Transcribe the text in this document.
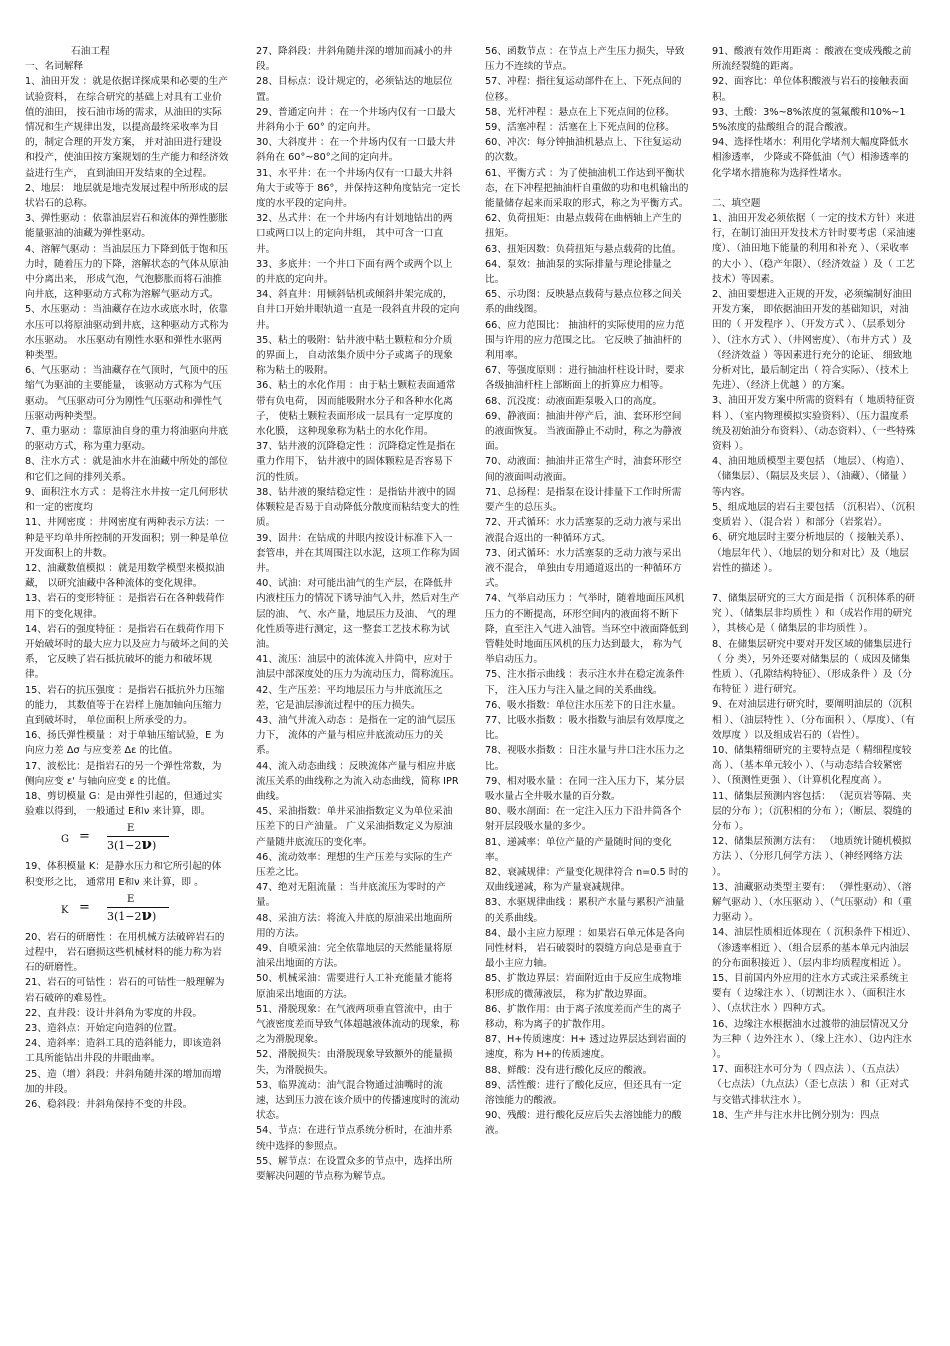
石油工程

一、名词解释

1、油田开发 ：就是依据详探成果和必要的生产试验资料， 在综合研究的基础上对具有工业价值的油田， 按石油市场的需求，从油田的实际情况和生产规律出发，以提高最终采收率为目的，制定合理的开发方案， 并对油田进行建设和投产，使油田按方案规划的生产能力和经济效益进行生产， 直到油田开发结束的全过程。

2、地层： 地层就是地壳发展过程中所形成的层状岩石的总称。

3、弹性驱动 ：依靠油层岩石和流体的弹性膨胀能量驱油的油藏为弹性驱动。

4、溶解气驱动 ：当油层压力下降到低于饱和压力时，随着压力的下降，溶解状态的气体从原油中分离出来， 形成气泡，气泡膨胀而将石油推向井底，这种驱动方式称为溶解气驱动方式。

5、水压驱动 ：当油藏存在边水或底水时，依靠水压可以将原油驱动到井底，这种驱动方式称为水压驱动。 水压驱动有刚性水驱和弹性水驱两种类型。

6、气压驱动 ：当油藏存在气顶时，气顶中的压缩气为驱油的主要能量， 该驱动方式称为气压驱动。 气压驱动可分为刚性气压驱动和弹性气压驱动两种类型。

7、重力驱动 ：靠原油自身的重力将油驱向井底的驱动方式，称为重力驱动。

8、注水方式 ：就是油水井在油藏中所处的部位和它们之间的排列关系。

9、面积注水方式 ：是将注水井按一定几何形状和一定的密度均

11、井网密度 ：井网密度有两种表示方法：一种是平均单井所控制的开发面积；别一种是单位开发面积上的井数。

12、油藏数值模拟 ：就是用数学模型来模拟油藏， 以研究油藏中各种流体的变化规律。

13、岩石的变形特征 ：是指岩石在各种载荷作用下的变化规律。

14、岩石的强度特征 ：是指岩石在载荷作用下开始破坏时的最大应力以及应力与破坏之间的关系， 它反映了岩石抵抗破坏的能力和破坏规律。

15、岩石的抗压强度 ：是指岩石抵抗外力压缩的能力， 其数值等于在岩样上施加轴向压缩力直到破坏时， 单位面积上所承受的力。

16、扬氏弹性模量 ：对于单轴压缩试验，E 为向应力差 Δσ 与应变差 Δε 的比值。

17、波松比：是指岩石的另一个弹性常数，为侧向应变 ε' 与轴向应变 ε 的比值。

18、剪切模量 G：是由弹性引起的，但通过实验难以得到， 一般通过 E和ν 来计算，即。

G =
E
3(1−2ν)

19、体积模量 K：是静水压力和它所引起的体积变形之比， 通常用 E和ν 来计算，即 。

K =
E
3(1−2ν)

20、岩石的研磨性 ：在用机械方法破碎岩石的过程中， 岩石磨损这些机械材料的能力称为岩石的研磨性。

21、岩石的可钻性 ：岩石的可钻性一般理解为岩石破碎的难易性。

22、直井段：设计井斜角为零度的井段。

23、造斜点：开始定向造斜的位置。

24、造斜率：造斜工具的造斜能力，即该造斜工具所能钻出井段的井眼曲率。

25、造（增）斜段：井斜角随井深的增加而增加的井段。

26、稳斜段：井斜角保持不变的井段。

27、降斜段：井斜角随井深的增加而减小的井段。

28、目标点：设计规定的，必须钻达的地层位置。

29、普通定向井 ：在一个井场内仅有一口最大井斜角小于 60° 的定向井。

30、大斜度井 ：在一个井场内仅有一口最大井斜角在 60°~80°之间的定向井。

31、水平井：在一个井场内仅有一口最大井斜角大于或等于 86°，并保持这种角度钻完一定长度的水平段的定向井。

32、丛式井：在一个井场内有计划地钻出的两口或两口以上的定向井组， 其中可含一口直井。

33、多底井：一个井口下面有两个或两个以上的井底的定向井。

34、斜直井：用倾斜钻机或倾斜井架完成的，自井口开始井眼轨道一直是一段斜直井段的定向井。

35、粘土的吸附：钻井液中粘土颗粒和分介质的界面上， 自动浓集介质中分子或离子的现象称为粘土的吸附。

36、粘土的水化作用 ：由于粘土颗粒表面通常带有负电荷， 因而能吸附水分子和各种水化离子， 使粘土颗粒表面形成一层具有一定厚度的水化膜， 这种现象称为粘土的水化作用。

37、钻井液的沉降稳定性 ：沉降稳定性是指在重力作用下， 钻井液中的固体颗粒是否容易下沉的性质。

38、钻井液的聚结稳定性 ：是指钻井液中的固体颗粒是否易于自动降低分散度而粘结变大的性质。

39、固井：在钻成的井眼内按设计标准下入一套管串，并在其周围注以水泥，这项工作称为固井。

40、试油：对可能出油气的生产层，在降低井内液柱压力的情况下诱导油气入井，然后对生产层的油、 气、水产量，地层压力及油、 气的理化性质等进行测定，这一整套工艺技术称为试油。

41、流压：油层中的流体流入井筒中，应对于油层中部深度处的压力为流动压力，简称流压。

42、生产压差：平均地层压力与井底流压之差，它是油层渗流过程中的压力损失。

43、油气井流入动态 ：是指在一定的油气层压力下， 流体的产量与相应井底流动压力的关系。

44、流入动态曲线 ：反映流体产量与相应井底流压关系的曲线称之为流入动态曲线，简称 IPR 曲线。

45、采油指数：单井采油指数定义为单位采油压差下的日产油量。 广义采油指数定义为原油产量随井底流压的变化率。

46、流动效率：理想的生产压差与实际的生产压差之比。

47、绝对无阻流量 ：当井底流压为零时的产量。

48、采油方法：将流入井底的原油采出地面所用的方法。

49、自喷采油：完全依靠地层的天然能量将原油采出地面的方法。

50、机械采油：需要进行人工补充能量才能将原油采出地面的方法。

51、滑脱现象：在气液两项垂直管流中，由于气液密度差而导致气体超越液体流动的现象，称之为滑脱现象。

52、滑脱损失：由滑脱现象导致额外的能量损失，为滑脱损失。

53、临界流动：油气混合物通过油嘴时的流速，达到压力波在该介质中的传播速度时的流动状态。

54、节点：在进行节点系统分析时，在油井系统中选择的参照点。

55、解节点：在设置众多的节点中，选择出所要解决问题的节点称为解节点。

56、函数节点 ：在节点上产生压力损失，导致压力不连续的节点。

57、冲程：指往复运动部件在上、下死点间的位移。

58、光杆冲程 ：悬点在上下死点间的位移。

59、活塞冲程 ：活塞在上下死点间的位移。

60、冲次：每分钟抽油机悬点上、下往复运动的次数。

61、平衡方式 ：为了使抽油机工作达到平衡状态，在下冲程把抽油杆自重做的功和电机输出的能量储存起来而采取的形式，称之为平衡方式。

62、负荷扭矩：由悬点载荷在曲柄轴上产生的扭矩。

63、扭矩因数：负荷扭矩与悬点载荷的比值。

64、泵效：抽油泵的实际排量与理论排量之比。

65、示功图：反映悬点载荷与悬点位移之间关系的曲线图。

66、应力范围比： 抽油杆的实际使用的应力范围与许用的应力范围之比。 它反映了抽油杆的利用率。

67、等强度原则 ：进行抽油杆柱设计时，要求各级抽油杆柱上部断面上的折算应力相等。

68、沉没度：动液面距泵吸入口的高度。

69、静液面：抽油井停产后，油、套环形空间的液面恢复。 当液面静止不动时，称之为静液面。

70、动液面：抽油井正常生产时，油套环形空间的液面叫动液面。

71、总扬程：是指泵在设计排量下工作时所需要产生的总压头。

72、开式循环：水力活塞泵的乏动力液与采出液混合返出的一种循环方式。

73、闭式循环：水力活塞泵的乏动力液与采出液不混合， 单独由专用通道返出的一种循环方式。

74、气举启动压力 ：气举时，随着地面压风机压力的不断提高，环形空间内的液面将不断下降，直至注入气进入油管。当环空中液面降低到管鞋处时地面压风机的压力达到最大， 称为气举启动压力。

75、注水指示曲线 ：表示注水井在稳定流条件下， 注入压力与注入量之间的关系曲线。

76、吸水指数：单位注水压差下的日注水量。

77、比吸水指数 ：吸水指数与油层有效厚度之比。

78、视吸水指数 ：日注水量与井口注水压力之比。

79、相对吸水量 ：在同一注入压力下，某分层吸水量占全井吸水量的百分数。

80、吸水剖面：在一定注入压力下沿井筒各个射开层段吸水量的多少。

81、递减率：单位产量的产量随时间的变化率。

82、衰减规律：产量变化规律符合 n=0.5 时的双曲线递减，称为产量衰减规律。

83、水驱规律曲线 ：累积产水量与累积产油量的关系曲线。

84、最小主应力原理 ：如果岩石单元体是各向同性材料， 岩石破裂时的裂缝方向总是垂直于最小主应力轴。

85、扩散边界层：岩面附近由于反应生成物堆积形成的微薄液层， 称为扩散边界面。

86、扩散作用：由于离子浓度差而产生的离子移动，称为离子的扩散作用。

87、H+传质速度：H+ 透过边界层达到岩面的速度，称为 H+的传质速度。

88、鲜酸：没有进行酸化反应的酸液。

89、活性酸：进行了酸化反应，但还具有一定溶蚀能力的酸液。

90、残酸：进行酸化反应后失去溶蚀能力的酸液。

91、酸液有效作用距离 ：酸液在变成残酸之前所流经裂缝的距离。

92、面容比：单位体积酸液与岩石的接触表面积。

93、土酸：3%~8%浓度的氢氟酸和10%~15%浓度的盐酸组合的混合酸液。

94、选择性堵水：利用化学堵剂大幅度降低水相渗透率， 少降或不降低油（气）相渗透率的化学堵水措施称为选择性堵水。

二、填空题

1、油田开发必须依据（ 一定的技术方针）来进行，在制订油田开发技术方针时要考虑（采油速度）、（油田地下能量的利用和补充 ）、（采收率的大小 ）、（稳产年限）、（经济效益 ）及（ 工艺技术）等因素。

2、油田要想进入正规的开发，必须编制好油田开发方案， 即依据油田开发的基础知识，对油田的（ 开发程序 ）、（开发方式 ）、（层系划分 ）、（注水方式 ）、（井网密度）、（布井方式 ）及（经济效益 ）等因素进行充分的论证、 细致地分析对比，最后制定出（ 符合实际）、（技术上先进）、（经济上优越 ）的方案。

3、油田开发方案中所需的资料有（ 地质特征资料 ）、（室内物理模拟实验资料）、（压力温度系统及初始油分布资料）、（动态资料）、（一些特殊资料 ）。

4、油田地质模型主要包括 （地层）、（构造）、（储集层）、（隔层及夹层 ）、（油藏）、（储量 ）等内容。

5、组成地层的岩石主要包括 （沉积岩）、（沉积变质岩 ）、（混合岩 ）和部分（岩浆岩）。

6、研究地层时主要分析地层的（ 接触关系）、（地层年代 ）、（地层的划分和对比）及（地层岩性的描述 ）。

7、储集层研究的三大方面是指（ 沉积体系的研究 ）、（储集层非均质性 ）和（成岩作用的研究 ），其核心是（ 储集层的非均质性 ）。

8、在储集层研究中要对开发区域的储集层进行（ 分 类），另外还要对储集层的（ 成因及储集性质 ）、（孔隙结构特征）、（形成条件 ）及（分布特征 ）进行研究。

9、在对油层进行研究时，要阐明油层的（沉积相 ）、（油层特性 ）、（分布面积 ）、（厚度）、（有效厚度 ）以及组成岩石的（岩性）。

10、储集精细研究的主要特点是（ 精细程度较高 ）、（基本单元较小 ）、（与动态结合较紧密 ）、（预测性更强 ）、（计算机化程度高 ）。

11、储集层预测内容包括： （泥页岩等隔、夹层的分布 ）；（沉积相的分布 ）；（断层、裂缝的分布 ）。

12、储集层预测方法有： （地质统计随机模拟方法 ）、（分形几何学方法 ）、（神经网络方法 ）。

13、油藏驱动类型主要有： （弹性驱动）、（溶解气驱动 ）、（水压驱动 ）、（气压驱动）和（重力驱动 ）。

14、油层性质相近体现在（ 沉积条件下相近）、（渗透率相近 ）、（组合层系的基本单元内油层的分布面积接近 ）、（层内非均质程度相近 ）。

15、目前国内外应用的注水方式或注采系统主要有（ 边缘注水 ）、（切割注水 ）、（面积注水 ）、（点状注水 ）四种方式。

16、边缘注水根据油水过渡带的油层情况又分为三种（ 边外注水 ）、（缘上注水）、（边内注水 ）。

17、面积注水可分为（ 四点法 ）、（五点法）（七点法）（九点法）（歪七点法 ）和（正对式与交错式排状注水 ）。

18、生产井与注水井比例分别为：四点
